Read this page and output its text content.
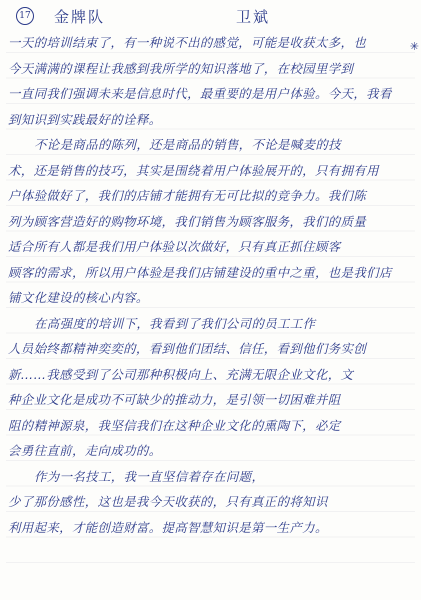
17 金牌队	卫斌
✳
一天的培训结束了，有一种说不出的感觉，可能是收获太多，也
今天满满的课程让我感到我所学的知识落地了，在校园里学到
一直同我们强调未来是信息时代，最重要的是用户体验。今天，我看
到知识到实践最好的诠释。
不论是商品的陈列，还是商品的销售，不论是喊麦的技
术，还是销售的技巧，其实是围绕着用户体验展开的，只有拥有用
户体验做好了，我们的店铺才能拥有无可比拟的竞争力。我们陈
列为顾客营造好的购物环境，我们销售为顾客服务，我们的质量
适合所有人都是我们用户体验以次做好，只有真正抓住顾客
顾客的需求，所以用户体验是我们店铺建设的重中之重，也是我们店
铺文化建设的核心内容。
在高强度的培训下，我看到了我们公司的员工工作
人员始终都精神奕奕的，看到他们团结、信任，看到他们务实创
新……我感受到了公司那种积极向上、充满无限企业文化，文
种企业文化是成功不可缺少的推动力，是引领一切困难并阻
阻的精神源泉，我坚信我们在这种企业文化的熏陶下，必定
会勇往直前，走向成功的。
作为一名技工，我一直坚信着存在问题，
少了那份感性，这也是我今天收获的，只有真正的将知识
利用起来，才能创造财富。提高智慧知识是第一生产力。
